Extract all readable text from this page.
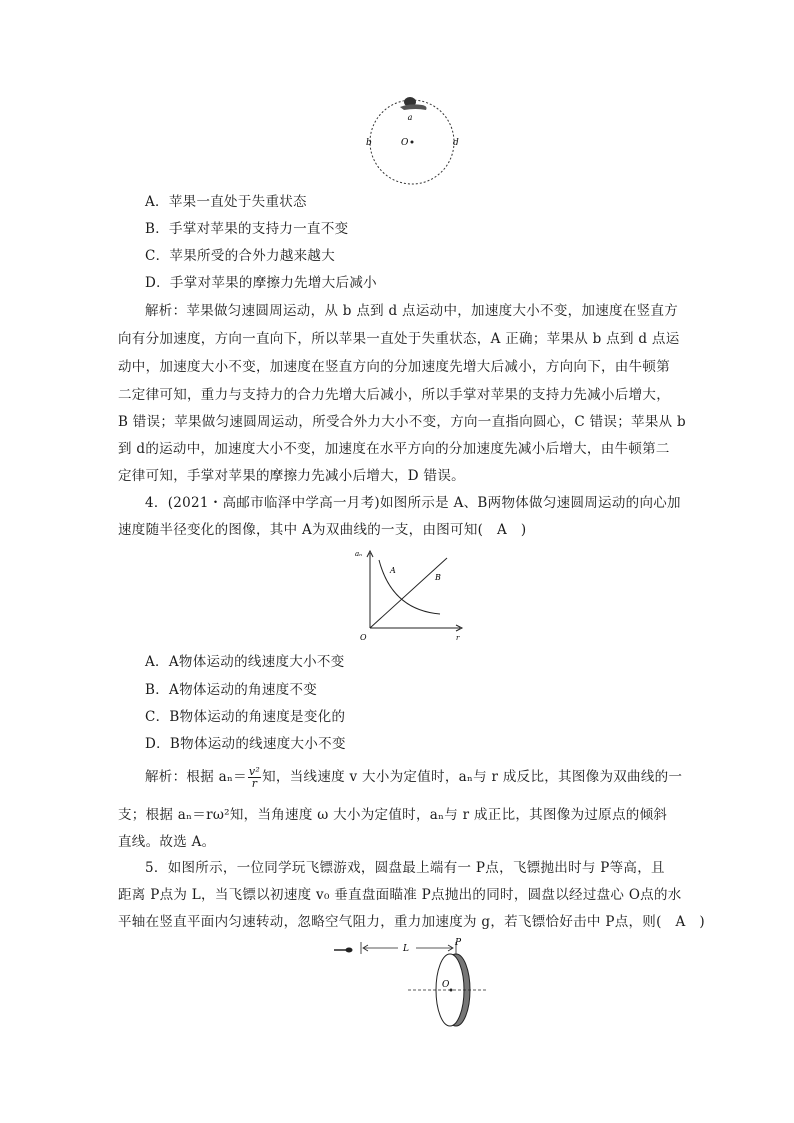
a
b	O	d
A．苹果一直处于失重状态
B．手掌对苹果的支持力一直不变
C．苹果所受的合外力越来越大
D．手掌对苹果的摩擦力先增大后减小
解析：苹果做匀速圆周运动，从 b 点到 d 点运动中，加速度大小不变，加速度在竖直方
向有分加速度，方向一直向下，所以苹果一直处于失重状态，A 正确；苹果从 b 点到 d 点运
动中，加速度大小不变，加速度在竖直方向的分加速度先增大后减小，方向向下，由牛顿第
二定律可知，重力与支持力的合力先增大后减小，所以手掌对苹果的支持力先减小后增大，
B 错误；苹果做匀速圆周运动，所受合外力大小不变，方向一直指向圆心，C 错误；苹果从 b
到 d的运动中，加速度大小不变，加速度在水平方向的分加速度先减小后增大，由牛顿第二
定律可知，手掌对苹果的摩擦力先减小后增大，D 错误。
4．(2021・高邮市临泽中学高一月考)如图所示是 A、B两物体做匀速圆周运动的向心加
速度随半径变化的图像，其中 A为双曲线的一支，由图可知(　A　)
aₙ
r
O
A
B
A．A物体运动的线速度大小不变
B．A物体运动的角速度不变
C．B物体运动的角速度是变化的
D．B物体运动的线速度大小不变
解析：根据 $a_n= \frac{\text{v²}}{r}$ 知，当线速度 v 大小为定值时，aₙ与 r 成反比，其图像为双曲线的一
支；根据 aₙ＝rω²知，当角速度 ω 大小为定值时，aₙ与 r 成正比，其图像为过原点的倾斜
直线。故选 A。
5．如图所示，一位同学玩飞镖游戏，圆盘最上端有一 P点，飞镖抛出时与 P等高，且
距离 P点为 L，当飞镖以初速度 v₀ 垂直盘面瞄准 P点抛出的同时，圆盘以经过盘心 O点的水
平轴在竖直平面内匀速转动，忽略空气阻力，重力加速度为 g，若飞镖恰好击中 P点，则(　A　)
L
P
O
